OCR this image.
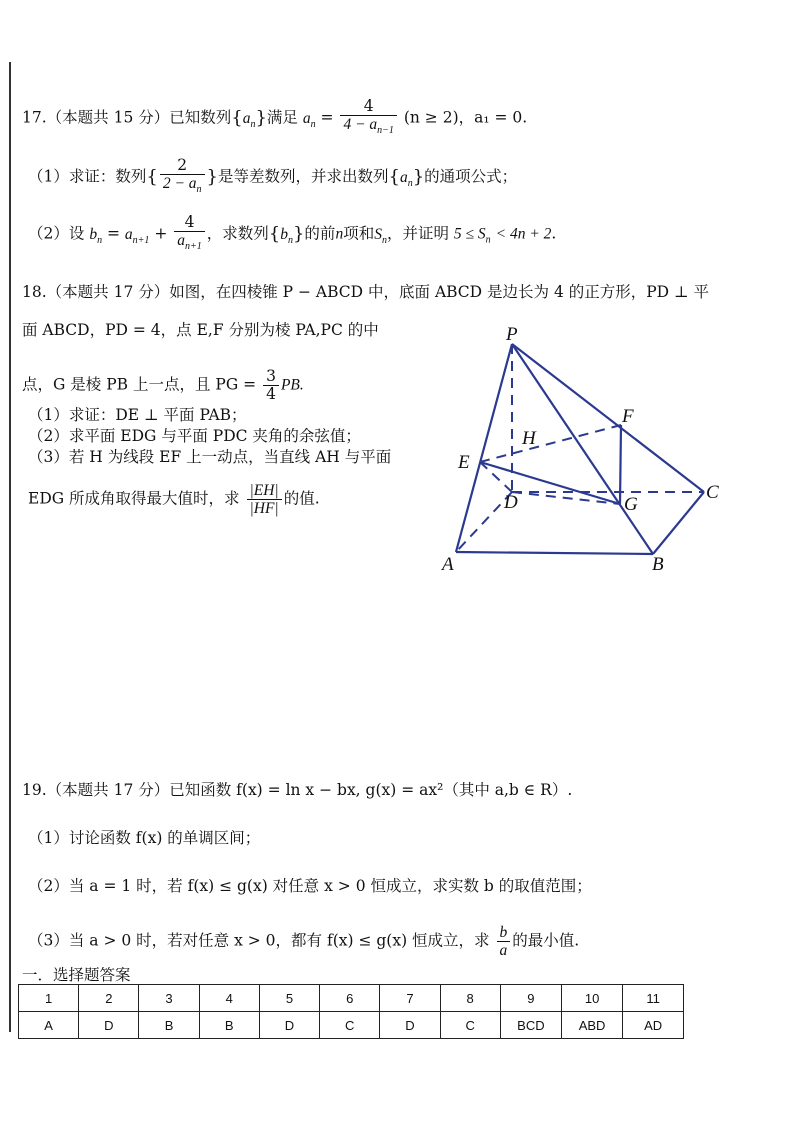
17.（本题共 15 分）已知数列$\{a_n\}$满足 $a_n = \frac{4}{4 - a_{n-1}} (n \ge 2)$，a₁ = 0.
（1）求证：数列{ $\frac{2}{2 - a_n}$ }是等差数列，并求出数列$\{a_n\}$的通项公式；
（2）设 $b_n = a_{n+1} + \frac{4}{a_{n+1}}$ ，求数列$\{b_n\}$的前n项和$S_n$，并证明 $5 \le S_n < 4n + 2$.
18.（本题共 17 分）如图，在四棱锥 P − ABCD 中，底面 ABCD 是边长为 4 的正方形，PD ⊥ 平
面 ABCD，PD = 4，点 E,F 分别为棱 PA,PC 的中
点，G 是棱 PB 上一点，且 PG = $\frac{3}{4}$ PB.
（1）求证：DE ⊥ 平面 PAB；
（2）求平面 EDG 与平面 PDC 夹角的余弦值；
（3）若 H 为线段 EF 上一动点，当直线 AH 与平面
EDG 所成角取得最大值时，求 $\frac{|EH|}{|HF|}$ 的值.
P
F
H
E
D	G
C
A	B
19.（本题共 17 分）已知函数 f(x) = ln x − bx, g(x) = ax²（其中 a,b ∈ R）.
（1）讨论函数 f(x) 的单调区间；
（2）当 a = 1 时，若 f(x) ≤ g(x) 对任意 x > 0 恒成立，求实数 b 的取值范围；
（3）当 a > 0 时，若对任意 x > 0，都有 f(x) ≤ g(x) 恒成立，求 $\frac{b}{a}$ 的最小值.
一．选择题答案
1	2	3	4	5	6	7	8	9	10	11
A	D	B	B	D	C	D	C	BCD	ABD	AD
